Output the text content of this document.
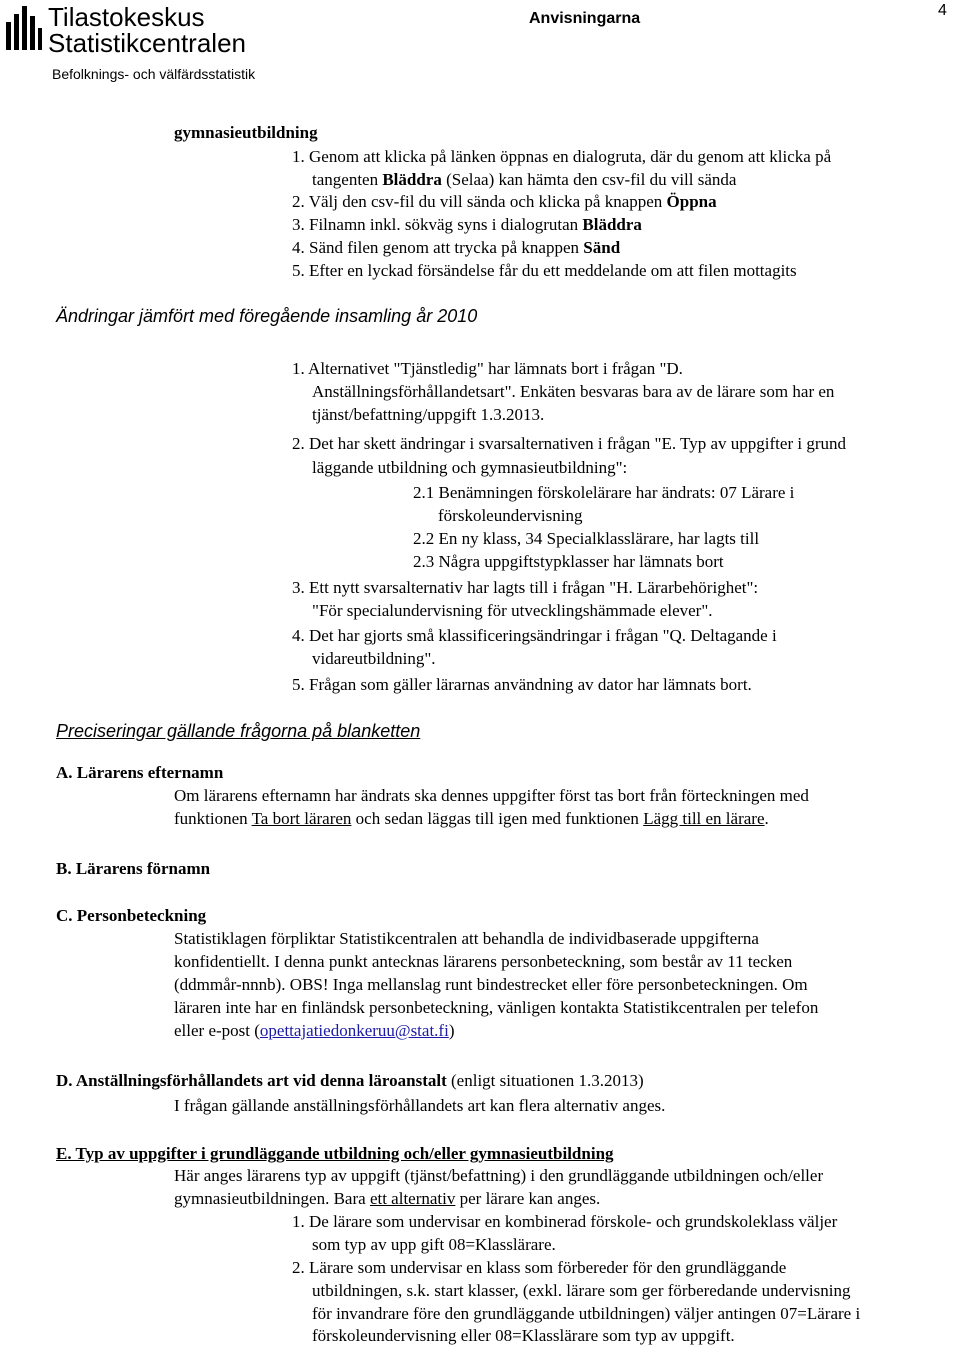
Tilastokeskus
Statistikcentralen
Anvisningarna	4
Befolknings- och välfärdsstatistik
gymnasieutbildning
1. Genom att klicka på länken öppnas en dialogruta, där du genom att klicka på
tangenten Bläddra (Selaa) kan hämta den csv-fil du vill sända
2. Välj den csv-fil du vill sända och klicka på knappen Öppna
3. Filnamn inkl. sökväg syns i dialogrutan Bläddra
4. Sänd filen genom att trycka på knappen Sänd
5. Efter en lyckad försändelse får du ett meddelande om att filen mottagits
Ändringar jämfört med föregående insamling år 2010
1. Alternativet "Tjänstledig" har lämnats bort i frågan "D.
Anställningsförhållandetsart". Enkäten besvaras bara av de lärare som har en
tjänst/befattning/uppgift 1.3.2013.
2. Det har skett ändringar i svarsalternativen i frågan "E. Typ av uppgifter i grund
läggande utbildning och gymnasieutbildning":
2.1 Benämningen förskolelärare har ändrats: 07 Lärare i
förskoleundervisning
2.2 En ny klass, 34 Specialklasslärare, har lagts till
2.3 Några uppgiftstypklasser har lämnats bort
3. Ett nytt svarsalternativ har lagts till i frågan "H. Lärarbehörighet":
"För specialundervisning för utvecklingshämmade elever".
4. Det har gjorts små klassificeringsändringar i frågan "Q. Deltagande i
vidareutbildning".
5. Frågan som gäller lärarnas användning av dator har lämnats bort.
Preciseringar gällande frågorna på blanketten
A. Lärarens efternamn
Om lärarens efternamn har ändrats ska dennes uppgifter först tas bort från förteckningen med
funktionen Ta bort läraren och sedan läggas till igen med funktionen Lägg till en lärare.
B. Lärarens förnamn
C. Personbeteckning
Statistiklagen förpliktar Statistikcentralen att behandla de individbaserade uppgifterna
konfidentiellt. I denna punkt antecknas lärarens personbeteckning, som består av 11 tecken
(ddmmår-nnnb). OBS! Inga mellanslag runt bindestrecket eller före personbeteckningen. Om
läraren inte har en finländsk personbeteckning, vänligen kontakta Statistikcentralen per telefon
eller e-post (opettajatiedonkeruu@stat.fi)
D. Anställningsförhållandets art vid denna läroanstalt (enligt situationen 1.3.2013)
I frågan gällande anställningsförhållandets art kan flera alternativ anges.
E. Typ av uppgifter i grundläggande utbildning och/eller gymnasieutbildning
Här anges lärarens typ av uppgift (tjänst/befattning) i den grundläggande utbildningen och/eller
gymnasieutbildningen. Bara ett alternativ per lärare kan anges.
1. De lärare som undervisar en kombinerad förskole- och grundskoleklass väljer
som typ av upp gift 08=Klasslärare.
2. Lärare som undervisar en klass som förbereder för den grundläggande
utbildningen, s.k. start klasser, (exkl. lärare som ger förberedande undervisning
för invandrare före den grundläggande utbildningen) väljer antingen 07=Lärare i
förskoleundervisning eller 08=Klasslärare som typ av uppgift.
